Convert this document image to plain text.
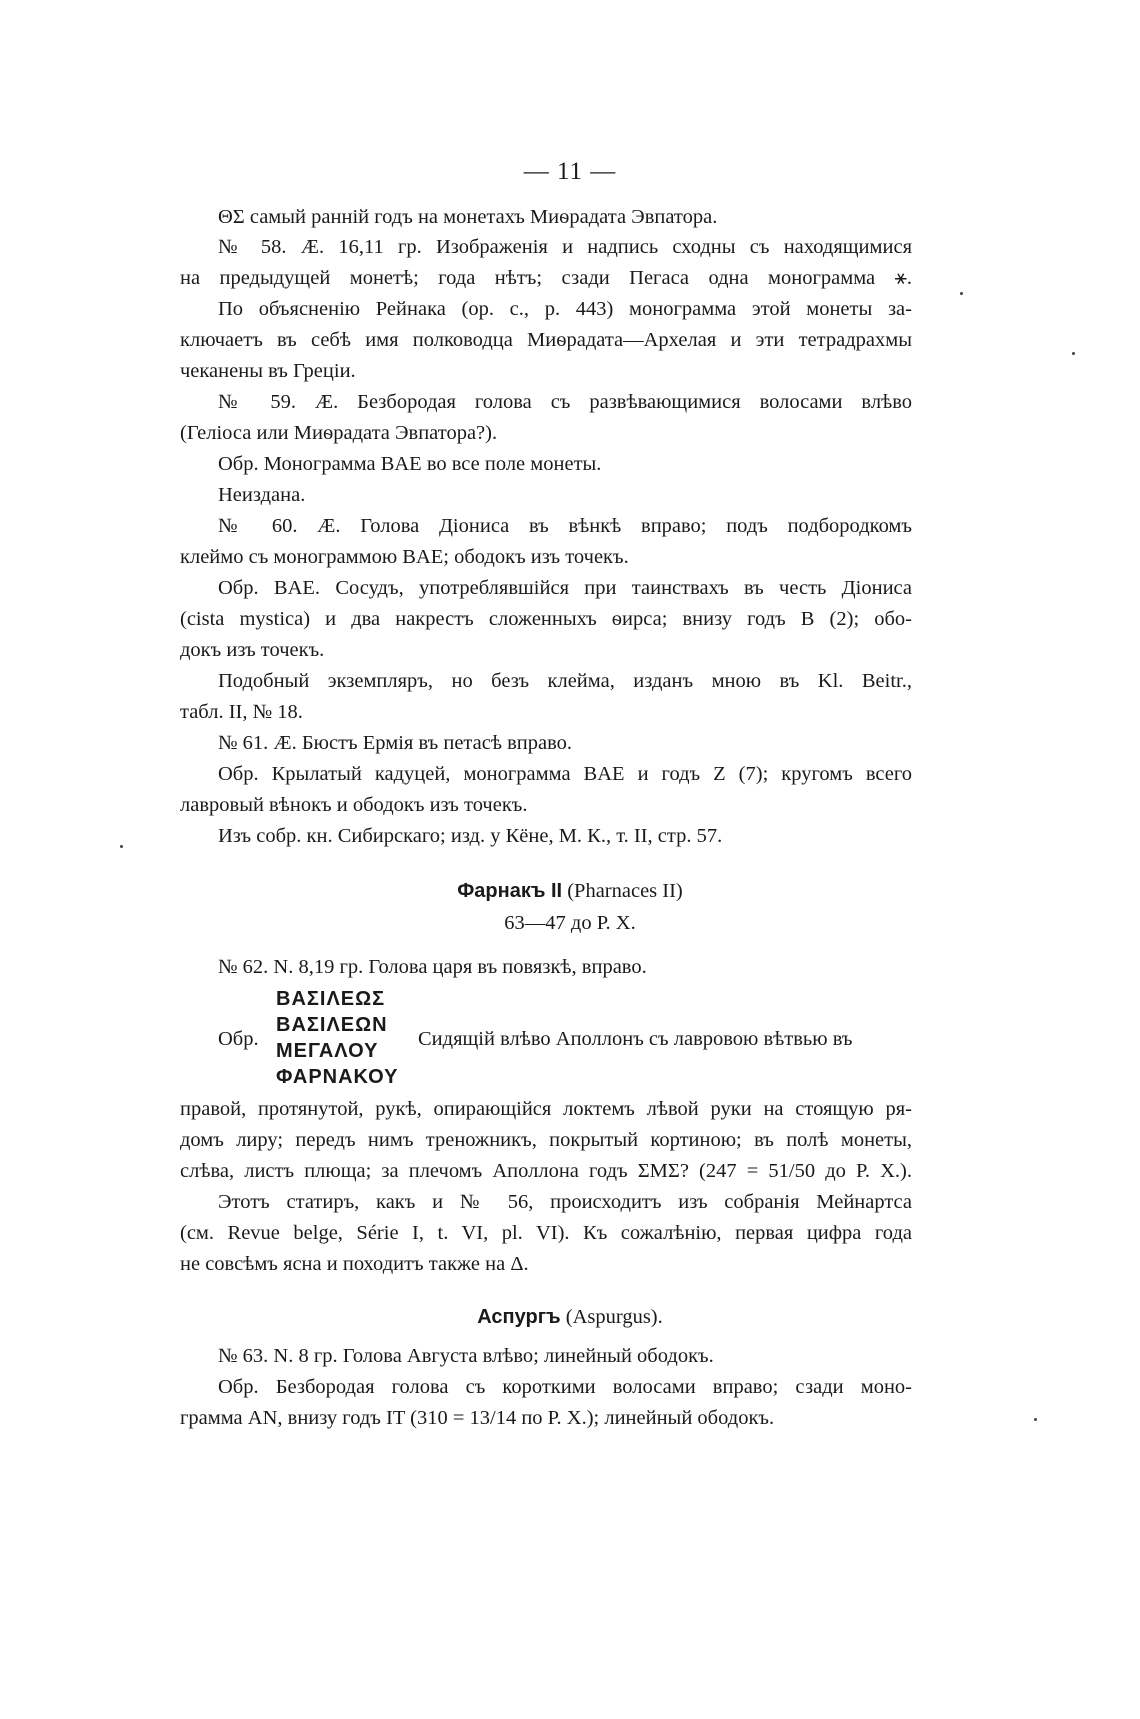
— 11 —
ΘΣ самый ранній годъ на монетахъ Миѳрадата Эвпатора.
№ 58. Æ. 16,11 гр. Изображенія и надпись сходны съ находящимися
на предыдущей монетѣ; года нѣтъ; сзади Пегаса одна монограмма ⚹.
По объясненію Рейнака (ор. с., р. 443) монограмма этой монеты за-
ключаетъ въ себѣ имя полководца Миѳрадата—Архелая и эти тетрадрахмы
чеканены въ Греціи.
№ 59. Æ. Безбородая голова съ развѣвающимися волосами влѣво
(Геліоса или Миѳрадата Эвпатора?).
Обр. Монограмма ΒΑΕ во все поле монеты.
Неиздана.
№ 60. Æ. Голова Діониса въ вѣнкѣ вправо; подъ подбородкомъ
клеймо съ монограммою ΒΑΕ; ободокъ изъ точекъ.
Обр. ΒΑΕ. Сосудъ, употреблявшійся при таинствахъ въ честь Діониса
(cista mystica) и два накрестъ сложенныхъ ѳирса; внизу годъ Β (2); обо-
докъ изъ точекъ.
Подобный экземпляръ, но безъ клейма, изданъ мною въ Kl. Beitr.,
табл. II, № 18.
№ 61. Æ. Бюстъ Ермія въ петасѣ вправо.
Обр. Крылатый кадуцей, монограмма ΒΑΕ и годъ Ζ (7); кругомъ всего
лавровый вѣнокъ и ободокъ изъ точекъ.
Изъ собр. кн. Сибирскаго; изд. у Кёне, М. К., т. II, стр. 57.
Фарнакъ II (Pharnaces II)
63—47 до Р. X.
№ 62. Ν. 8,19 гр. Голова царя въ повязкѣ, вправо.
ΒΑΣΙΛΕΩΣ
Обр.
ΒΑΣΙΛΕΩΝ
ΜΕΓΑΛΟΥ
ΦΑΡΝΑΚΟΥ
Сидящій влѣво Аполлонъ съ лавровою вѣтвью въ
правой, протянутой, рукѣ, опирающійся локтемъ лѣвой руки на стоящую ря-
домъ лиру; передъ нимъ треножникъ, покрытый кортиною; въ полѣ монеты,
слѣва, листъ плюща; за плечомъ Аполлона годъ ΣΜΣ? (247 = 51/50 до Р. X.).
Этотъ статиръ, какъ и № 56, происходитъ изъ собранія Мейнартса
(см. Revue belge, Série I, t. VI, pl. VI). Къ сожалѣнію, первая цифра года
не совсѣмъ ясна и походитъ также на Δ.
Аспургъ (Aspurgus).
№ 63. Ν. 8 гр. Голова Августа влѣво; линейный ободокъ.
Обр. Безбородая голова съ короткими волосами вправо; сзади моно-
грамма ΑΝ, внизу годъ ΙΤ (310 = 13/14 по Р. X.); линейный ободокъ.
